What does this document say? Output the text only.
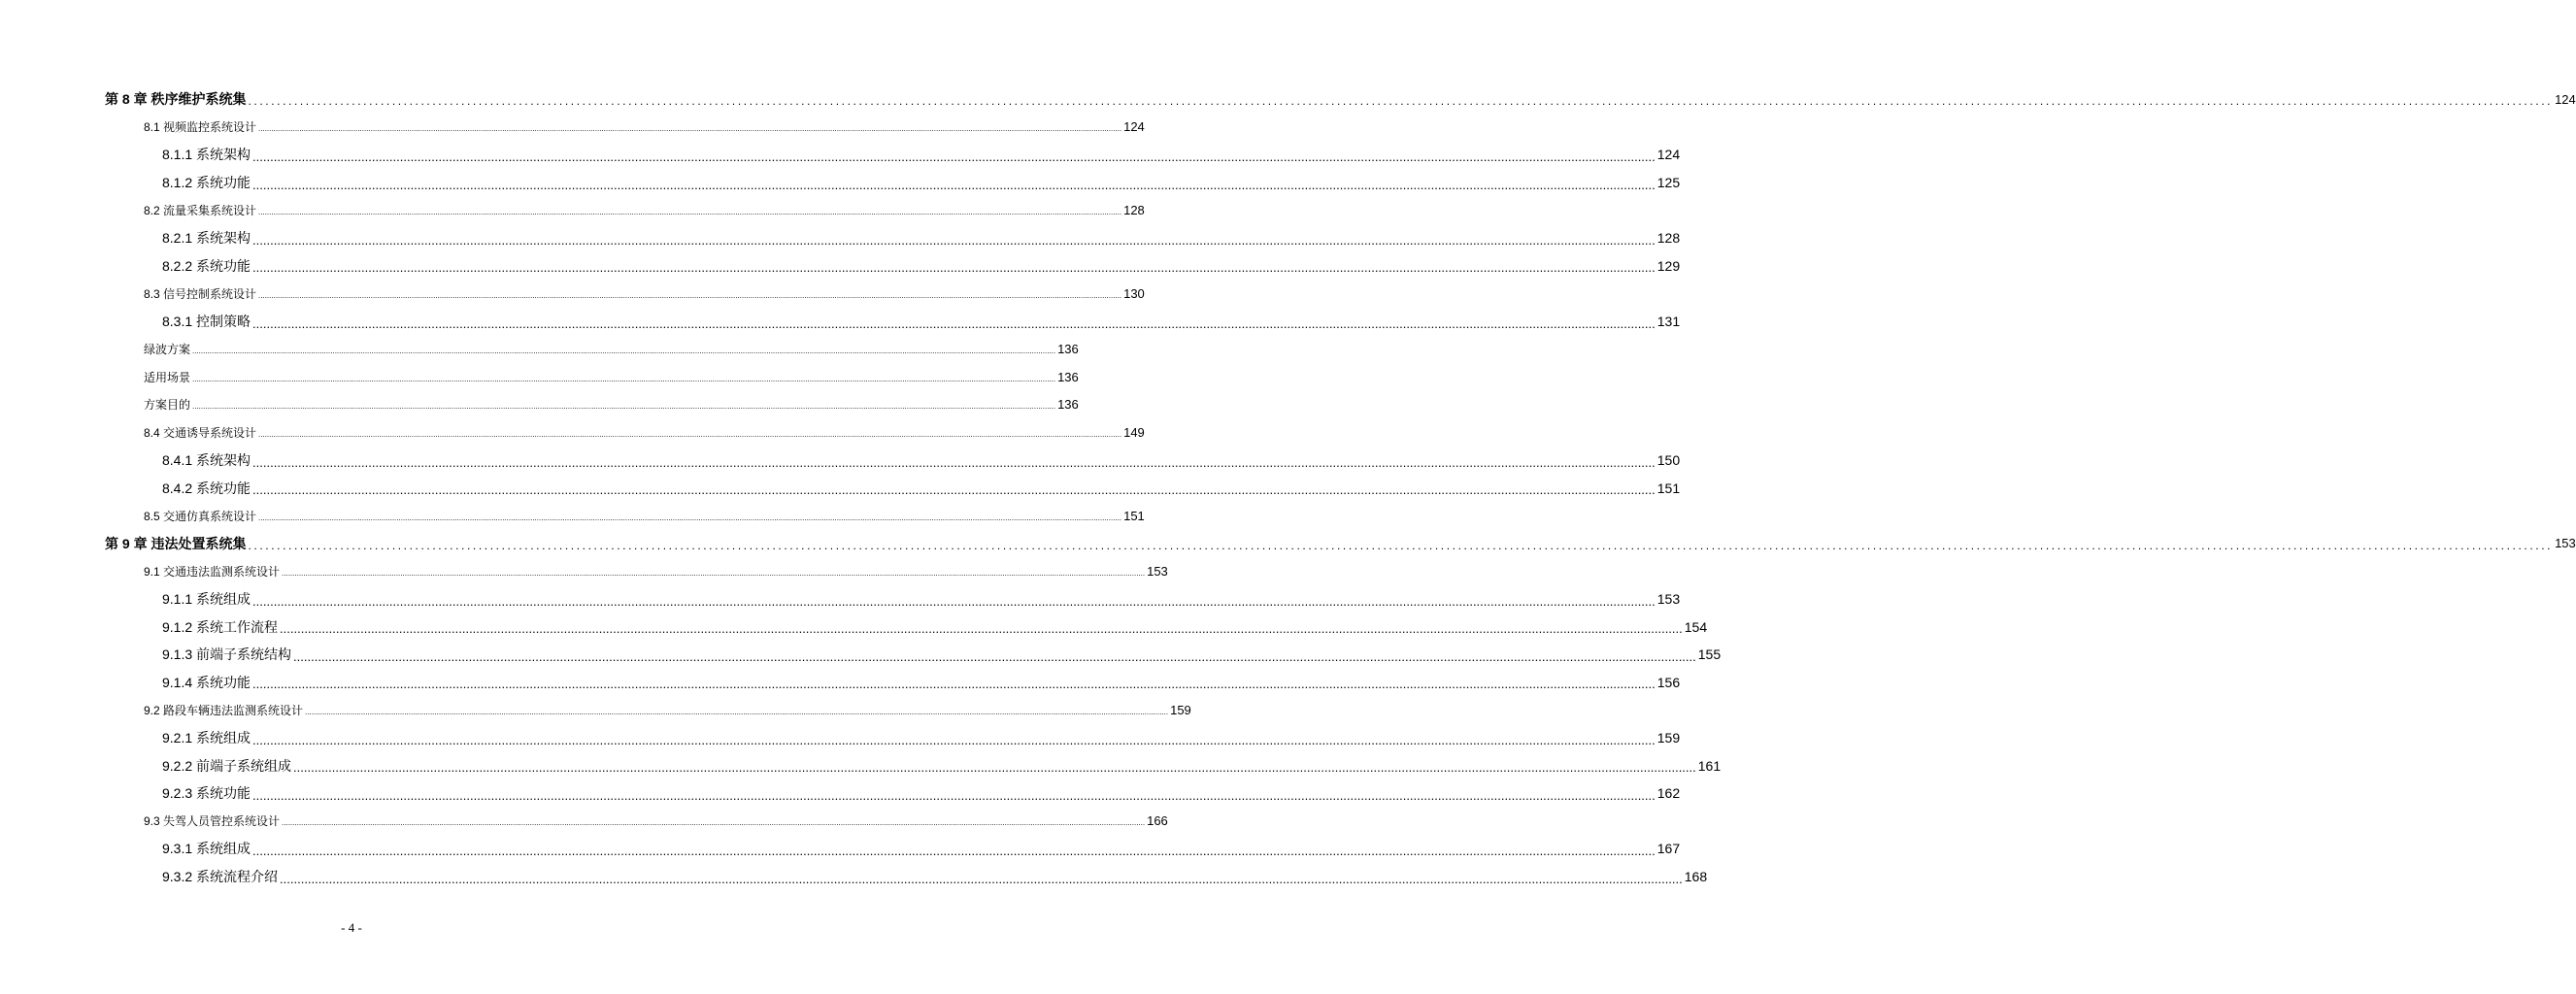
第 8 章 秩序维护系统集 ................................................................................................................................................................................................................................................................................................................................................................................................................ 124
8.1 视频监控系统设计 ................................................................................................................................................................................................................................................................................................................................................................................................................ 124
8.1.1 系统架构 ................................................................................................................................................................................................................................................................................................................................................................................................................ 124
8.1.2 系统功能 ................................................................................................................................................................................................................................................................................................................................................................................................................ 125
8.2 流量采集系统设计 ................................................................................................................................................................................................................................................................................................................................................................................................................ 128
8.2.1 系统架构 ................................................................................................................................................................................................................................................................................................................................................................................................................ 128
8.2.2 系统功能 ................................................................................................................................................................................................................................................................................................................................................................................................................ 129
8.3 信号控制系统设计 ................................................................................................................................................................................................................................................................................................................................................................................................................ 130
8.3.1 控制策略 ................................................................................................................................................................................................................................................................................................................................................................................................................ 131
绿波方案 ................................................................................................................................................................................................................................................................................................................................................................................................................ 136
适用场景 ................................................................................................................................................................................................................................................................................................................................................................................................................ 136
方案目的 ................................................................................................................................................................................................................................................................................................................................................................................................................ 136
8.4 交通诱导系统设计 ................................................................................................................................................................................................................................................................................................................................................................................................................ 149
8.4.1 系统架构 ................................................................................................................................................................................................................................................................................................................................................................................................................ 150
8.4.2 系统功能 ................................................................................................................................................................................................................................................................................................................................................................................................................ 151
8.5 交通仿真系统设计 ................................................................................................................................................................................................................................................................................................................................................................................................................ 151
第 9 章 违法处置系统集 ................................................................................................................................................................................................................................................................................................................................................................................................................ 153
9.1 交通违法监测系统设计 ................................................................................................................................................................................................................................................................................................................................................................................................................ 153
9.1.1 系统组成 ................................................................................................................................................................................................................................................................................................................................................................................................................ 153
9.1.2 系统工作流程 ................................................................................................................................................................................................................................................................................................................................................................................................................ 154
9.1.3 前端子系统结构 ................................................................................................................................................................................................................................................................................................................................................................................................................ 155
9.1.4 系统功能 ................................................................................................................................................................................................................................................................................................................................................................................................................ 156
9.2 路段车辆违法监测系统设计 ................................................................................................................................................................................................................................................................................................................................................................................................................ 159
9.2.1 系统组成 ................................................................................................................................................................................................................................................................................................................................................................................................................ 159
9.2.2 前端子系统组成 ................................................................................................................................................................................................................................................................................................................................................................................................................ 161
9.2.3 系统功能 ................................................................................................................................................................................................................................................................................................................................................................................................................ 162
9.3 失驾人员管控系统设计 ................................................................................................................................................................................................................................................................................................................................................................................................................ 166
9.3.1 系统组成 ................................................................................................................................................................................................................................................................................................................................................................................................................ 167
9.3.2 系统流程介绍 ................................................................................................................................................................................................................................................................................................................................................................................................................ 168
- 4 -
